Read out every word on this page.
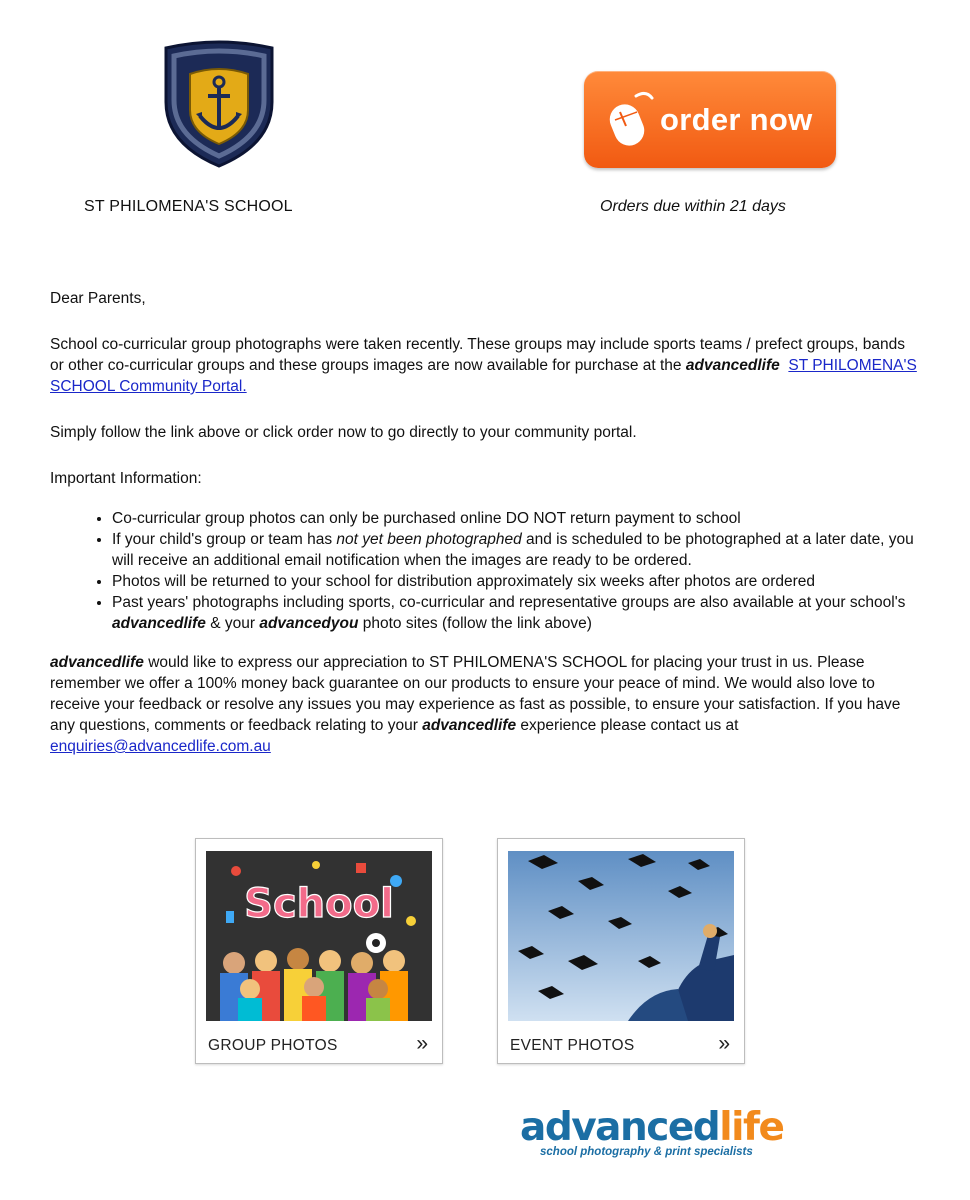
ST PHILOMENA'S SCHOOL
order now
Orders due within 21 days

Dear Parents,

School co-curricular group photographs were taken recently. These groups may include sports teams / prefect groups, bands or other co-curricular groups and these groups images are now available for purchase at the advancedlife ST PHILOMENA'S SCHOOL Community Portal.

Simply follow the link above or click order now to go directly to your community portal.

Important Information:

• Co-curricular group photos can only be purchased online DO NOT return payment to school
• If your child's group or team has not yet been photographed and is scheduled to be photographed at a later date, you will receive an additional email notification when the images are ready to be ordered.
• Photos will be returned to your school for distribution approximately six weeks after photos are ordered
• Past years' photographs including sports, co-curricular and representative groups are also available at your school's advancedlife & your advancedyou photo sites (follow the link above)

advancedlife would like to express our appreciation to ST PHILOMENA'S SCHOOL for placing your trust in us. Please remember we offer a 100% money back guarantee on our products to ensure your peace of mind. We would also love to receive your feedback or resolve any issues you may experience as fast as possible, to ensure your satisfaction. If you have any questions, comments or feedback relating to your advancedlife experience please contact us at enquiries@advancedlife.com.au

School
GROUP PHOTOS	»	EVENT PHOTOS	»
advancedlife
school photography & print specialists
